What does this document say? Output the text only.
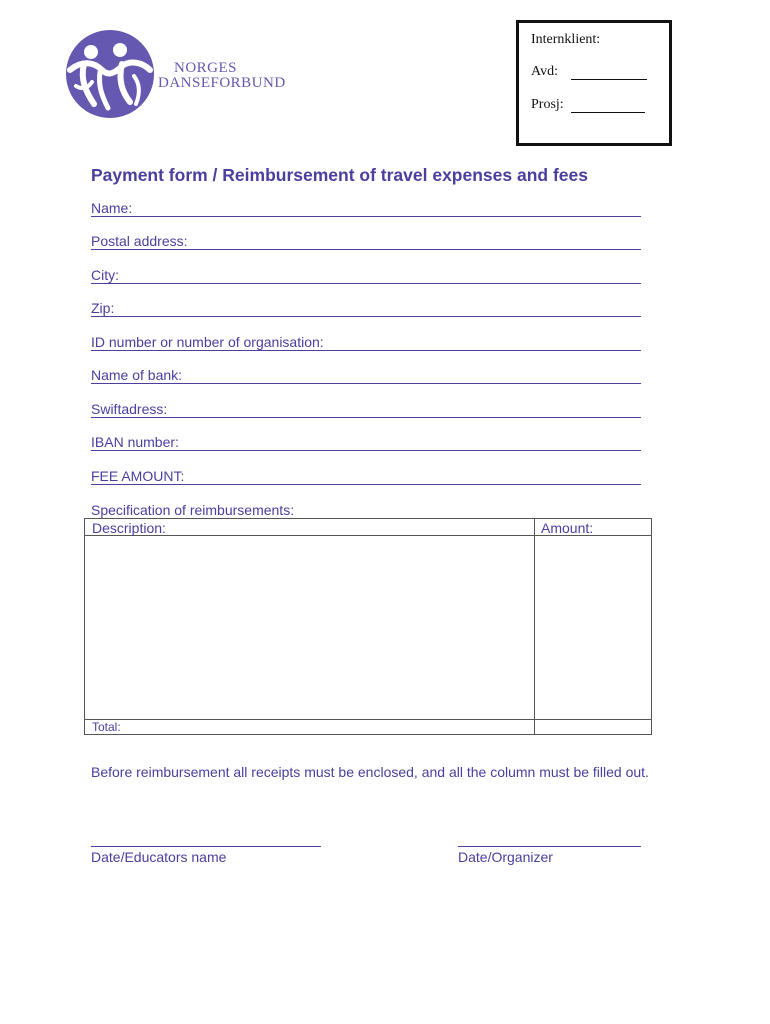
NORGES
DANSEFORBUND
Internklient:
Avd:
Prosj:
Payment form / Reimbursement of travel expenses and fees
Name:
Postal address:
City:
Zip:
ID number or number of organisation:
Name of bank:
Swiftadress:
IBAN number:
FEE AMOUNT:
Specification of reimbursements:
Description:	Amount:
Total:
Before reimbursement all receipts must be enclosed, and all the column must be filled out.
Date/Educators name	Date/Organizer
